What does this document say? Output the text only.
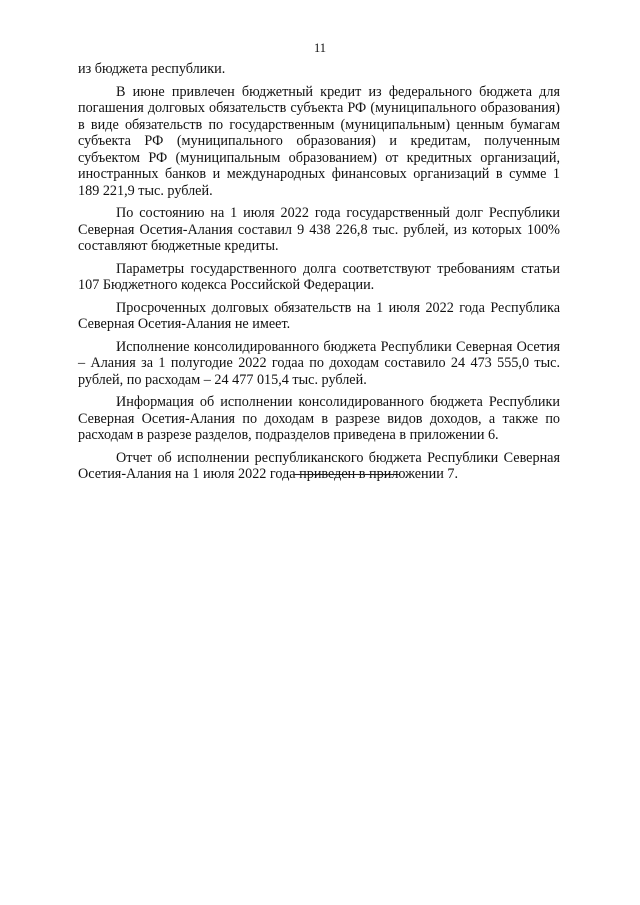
11

из бюджета республики.

В июне привлечен бюджетный кредит из федерального бюджета для погашения долговых обязательств субъекта РФ (муниципального образования) в виде обязательств по государственным (муниципальным) ценным бумагам субъекта РФ (муниципального образования) и кредитам, полученным субъектом РФ (муниципальным образованием) от кредитных организаций, иностранных банков и международных финансовых организаций в сумме 1 189 221,9 тыс. рублей.

По состоянию на 1 июля 2022 года государственный долг Республики Северная Осетия-Алания составил 9 438 226,8 тыс. рублей, из которых 100% составляют бюджетные кредиты.

Параметры государственного долга соответствуют требованиям статьи 107 Бюджетного кодекса Российской Федерации.

Просроченных долговых обязательств на 1 июля 2022 года Республика Северная Осетия-Алания не имеет.

Исполнение консолидированного бюджета Республики Северная Осетия – Алания за 1 полугодие 2022 годаа по доходам составило 24 473 555,0 тыс. рублей, по расходам – 24 477 015,4 тыс. рублей.

Информация об исполнении консолидированного бюджета Республики Северная Осетия-Алания по доходам в разрезе видов доходов, а также по расходам в разрезе разделов, подразделов приведена в приложении 6.

Отчет об исполнении республиканского бюджета Республики Северная Осетия-Алания на 1 июля 2022 года приведен в приложении 7.
